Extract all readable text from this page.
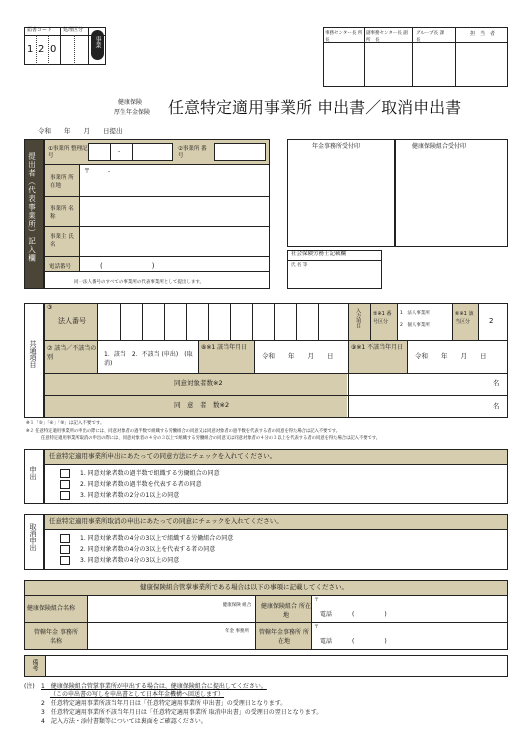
届書コード 処理区分
1 2 0
事業
事務センター長 所　長
副事務センター長 副　所　長
グループ長 課　長
担　当　者
健康保険
厚生年金保険 任意特定適用事業所 申出書／取消申出書
令和　　年　　月　　日提出
提出者（代表事業所）記入欄
①事業所 整理記号
-	②事業所 番　号
〒　　　-
事業所 所在地
事業所 名　称
事業主 氏　名
電話番号	(　　　　　　　)
同一法人番号のすべての事業所の代表事業所として提出します。
年金事務所受付印	健康保険組合受付印
社会保険労務士記載欄
氏 名 等
共通項目
③
法人番号	入力項目 ⑤※1 番号区分
1　法人事業所
2　個人事業所
⑥※1 該当区分	2
⑦ 該当／不該当の別	1．該当　2．不該当 (申出)　(取消)
⑧※1 該当年月日
令和　　年　　月　　日
⑨※1 不該当年月日
令和　　年　　月　　日
同意対象者数※2
同　意　者　数※2
名
名
※１「⑤」「⑥」「⑨」は記入不要です。
※２ 任意特定適用事業所の申出の際には、同意対象者の過半数で組織する労働組合の同意又は同意対象者の過半数を代表する者の同意を得た場合は記入不要です。
任意特定適用事業所取消の申出の際には、同意対象者の４分の３以上で組織する労働組合の同意又は同意対象者の４分の３以上を代表する者の同意を得た場合は記入不要です。
申出
任意特定適用事業所申出にあたっての同意方法にチェックを入れてください。
1. 同意対象者数の過半数で組織する労働組合の同意
2. 同意対象者数の過半数を代表する者の同意
3. 同意対象者数の2分の1以上の同意
取消申出
任意特定適用事業所取消の申出にあたっての同意にチェックを入れてください。
1. 同意対象者数の4分の3以上で組織する労働組合の同意
2. 同意対象者数の4分の3以上を代表する者の同意
3. 同意対象者数の4分の3以上の同意
健康保険組合管掌事業所である場合は以下の事項に記載してください。
健康保険組合名称	健康保険 組合	健康保険組合 所在地
〒
電話	(　　　　　)
管轄年金 事務所名称
年金 事務所	管轄年金事務所 所在地
〒
電話	(　　　　　)
備考
(注) 1　健康保険組合管掌事業所が申出する場合は、健康保険組合に提出してください。
（この申出書の写しを申出書として日本年金機構へ回送します）
2　任意特定適用事業所該当年月日は「任意特定適用事業所 申出書」の受理日となります。
3　任意特定適用事業所不該当年月日は「任意特定適用事業所 取消申出書」の受理日の翌日となります。
4　記入方法・添付書類等については裏面をご確認ください。
